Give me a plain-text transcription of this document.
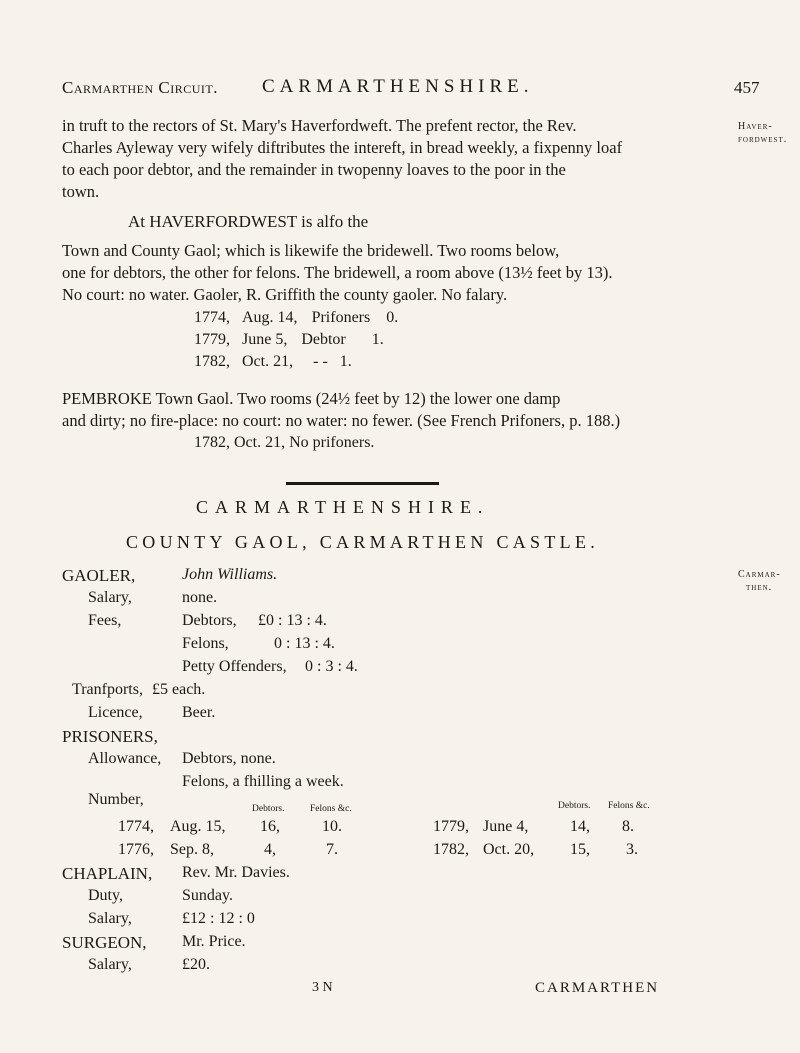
Carmarthen Circuit. CARMARTHENSHIRE.	457
Haver-
fordwest.
Carmar-
then.

in truft to the rectors of St. Mary's Haverfordweft. The prefent rector, the Rev.

Charles Ayleway very wifely diftributes the intereft, in bread weekly, a fixpenny loaf

to each poor debtor, and the remainder in twopenny loaves to the poor in the

town.

At HAVERFORDWEST is alfo the

Town and County Gaol; which is likewife the bridewell. Two rooms below,

one for debtors, the other for felons. The bridewell, a room above (13½ feet by 13).

No court: no water. Gaoler, R. Griffith the county gaoler. No falary.

1774, Aug. 14, Prifoners 0.
1779, June 5, Debtor 1.
1782, Oct. 21, - - 1.

PEMBROKE Town Gaol. Two rooms (24½ feet by 12) the lower one damp

and dirty; no fire-place: no court: no water: no fewer. (See French Prifoners, p. 188.)

1782, Oct. 21, No prifoners.
CARMARTHENSHIRE.
COUNTY GAOL, CARMARTHEN CASTLE.
GAOLER,	John Williams.
Salary,	none.
Fees,	Debtors, £0 : 13 : 4.
Felons,	0 : 13 : 4.
Petty Offenders, 0 : 3 : 4.
Tranfports, £5 each.
Licence, Beer.
PRISONERS,
Allowance, Debtors, none.
Felons, a fhilling a week.
Number,
Debtors.	Felons &c.	Debtors. Felons &c.
1774, Aug. 15, 16,	10.
1776, Sep. 8,	4,	7.
1779, June 4,	14, 8.
1782, Oct. 20, 15, 3.
CHAPLAIN, Rev. Mr. Davies.
Duty,	Sunday.
Salary,	£12 : 12 : 0
SURGEON, Mr. Price.
Salary,	£20.
3 N	CARMARTHEN
